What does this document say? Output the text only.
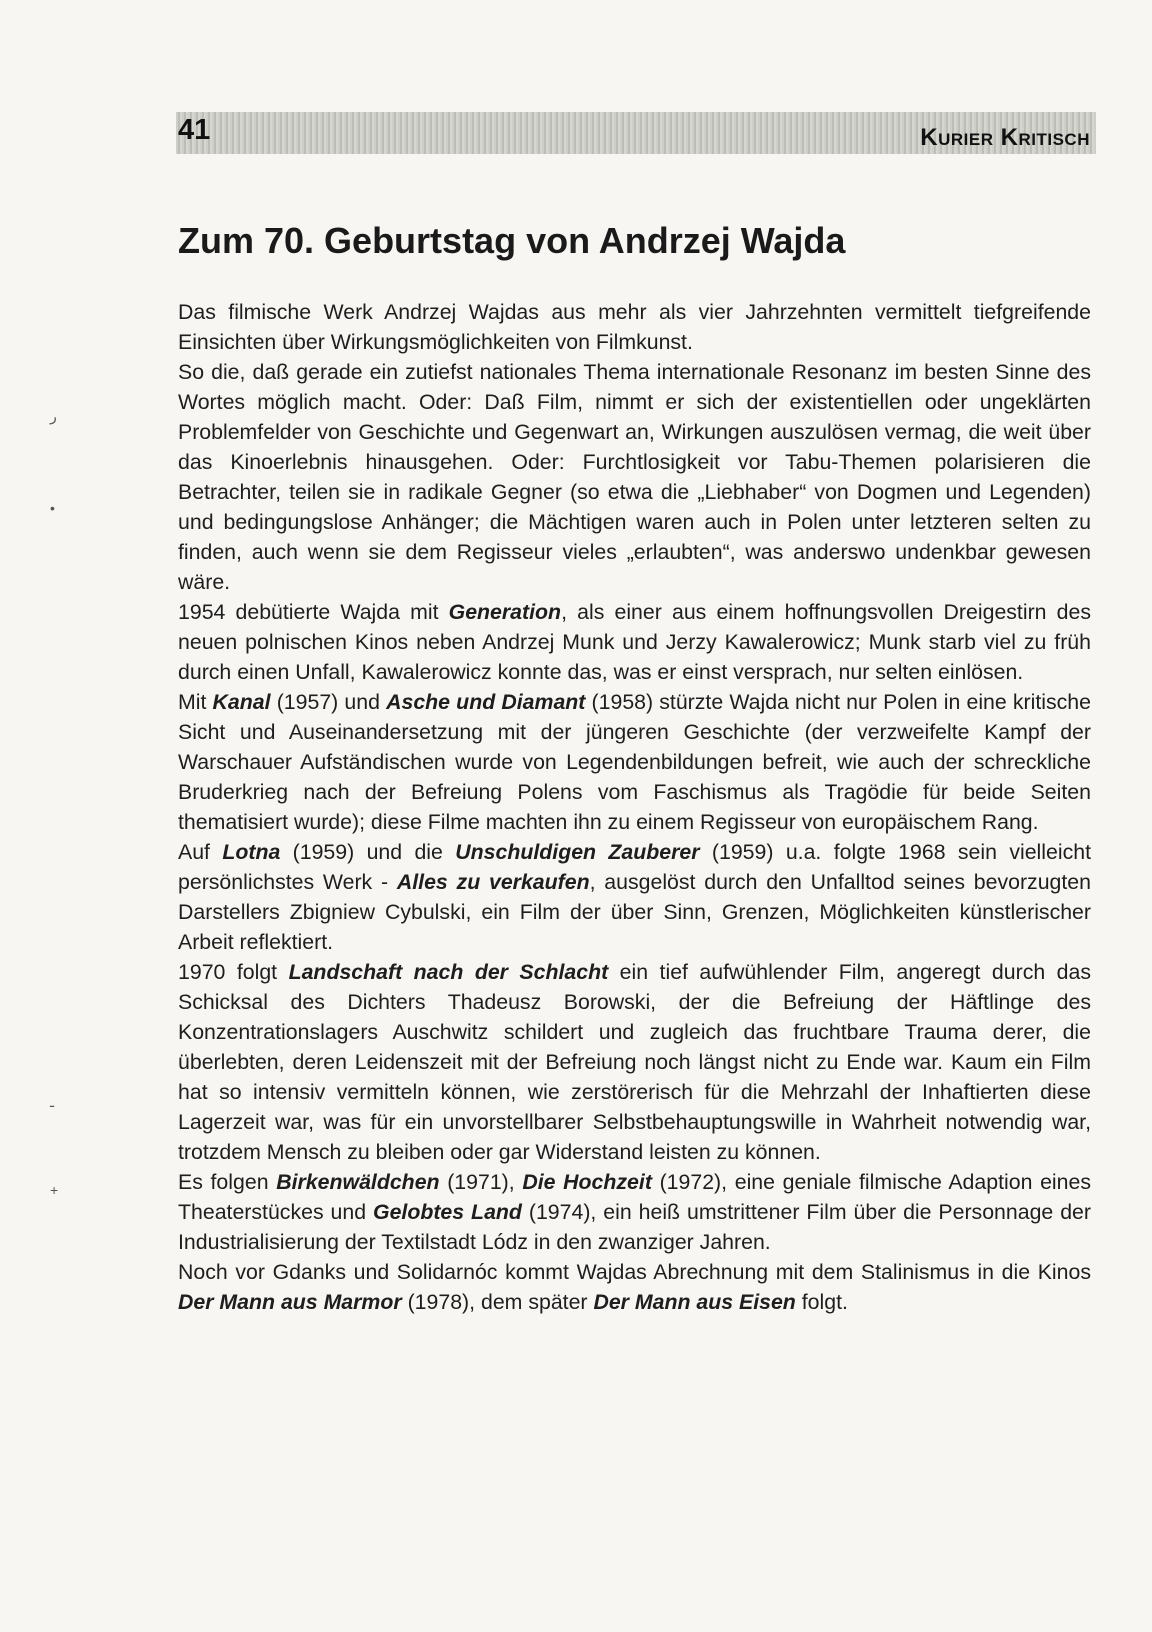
41	Kurier Kritisch
Zum 70. Geburtstag von Andrzej Wajda

Das filmische Werk Andrzej Wajdas aus mehr als vier Jahrzehnten vermittelt tiefgreifende Einsichten über Wirkungsmöglichkeiten von Filmkunst.

So die, daß gerade ein zutiefst nationales Thema internationale Resonanz im besten Sinne des Wortes möglich macht. Oder: Daß Film, nimmt er sich der existentiellen oder ungeklärten Problemfelder von Geschichte und Gegenwart an, Wirkungen auszulösen vermag, die weit über das Kinoerlebnis hinausgehen. Oder: Furchtlosigkeit vor Tabu-Themen polarisieren die Betrachter, teilen sie in radikale Gegner (so etwa die „Liebhaber“ von Dogmen und Legenden) und bedingungslose Anhänger; die Mächtigen waren auch in Polen unter letzteren selten zu finden, auch wenn sie dem Regisseur vieles „erlaubten“, was anderswo undenkbar gewesen wäre.

1954 debütierte Wajda mit Generation, als einer aus einem hoffnungsvollen Dreigestirn des neuen polnischen Kinos neben Andrzej Munk und Jerzy Kawalerowicz; Munk starb viel zu früh durch einen Unfall, Kawalerowicz konnte das, was er einst versprach, nur selten einlösen.

Mit Kanal (1957) und Asche und Diamant (1958) stürzte Wajda nicht nur Polen in eine kritische Sicht und Auseinandersetzung mit der jüngeren Geschichte (der verzweifelte Kampf der Warschauer Aufständischen wurde von Legendenbildungen befreit, wie auch der schreckliche Bruderkrieg nach der Befreiung Polens vom Faschismus als Tragödie für beide Seiten thematisiert wurde); diese Filme machten ihn zu einem Regisseur von europäischem Rang.

Auf Lotna (1959) und die Unschuldigen Zauberer (1959) u.a. folgte 1968 sein vielleicht persönlichstes Werk - Alles zu verkaufen, ausgelöst durch den Unfalltod seines bevorzugten Darstellers Zbigniew Cybulski, ein Film der über Sinn, Grenzen, Möglichkeiten künstlerischer Arbeit reflektiert.

1970 folgt Landschaft nach der Schlacht ein tief aufwühlender Film, angeregt durch das Schicksal des Dichters Thadeusz Borowski, der die Befreiung der Häftlinge des Konzentrationslagers Auschwitz schildert und zugleich das fruchtbare Trauma derer, die überlebten, deren Leidenszeit mit der Befreiung noch längst nicht zu Ende war. Kaum ein Film hat so intensiv vermitteln können, wie zerstörerisch für die Mehrzahl der Inhaftierten diese Lagerzeit war, was für ein unvorstellbarer Selbstbehauptungswille in Wahrheit notwendig war, trotzdem Mensch zu bleiben oder gar Widerstand leisten zu können.

Es folgen Birkenwäldchen (1971), Die Hochzeit (1972), eine geniale filmische Adaption eines Theaterstückes und Gelobtes Land (1974), ein heiß umstrittener Film über die Personnage der Industrialisierung der Textilstadt Lódz in den zwanziger Jahren.

Noch vor Gdanks und Solidarnóc kommt Wajdas Abrechnung mit dem Stalinismus in die Kinos Der Mann aus Marmor (1978), dem später Der Mann aus Eisen folgt.

ر
•
ـ
+
